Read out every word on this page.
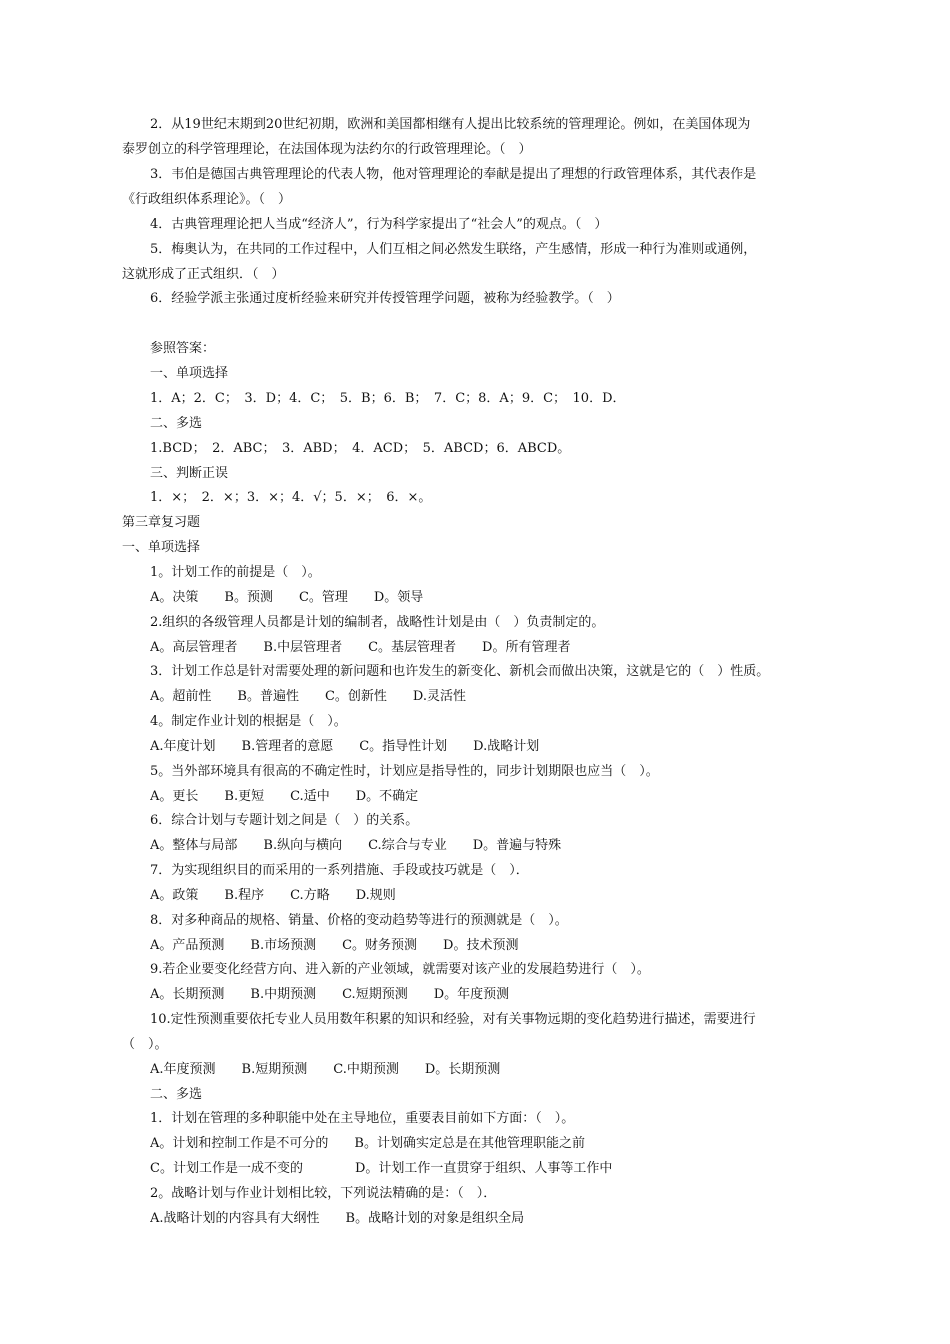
2．从19世纪末期到20世纪初期，欧洲和美国都相继有人提出比较系统的管理理论。例如，在美国体现为
泰罗创立的科学管理理论，在法国体现为法约尔的行政管理理论。（　）
3．韦伯是德国古典管理理论的代表人物，他对管理理论的奉献是提出了理想的行政管理体系，其代表作是
《行政组织体系理论》。（　）
4．古典管理理论把人当成“经济人”，行为科学家提出了“社会人”的观点。（　）
5．梅奥认为，在共同的工作过程中，人们互相之间必然发生联络，产生感情，形成一种行为准则或通例，
这就形成了正式组织．（　）
6．经验学派主张通过度析经验来研究并传授管理学问题，被称为经验教学。（　）
参照答案：
一、单项选择
1．A；2．C；　3．D；4．C；　5．B；6．B；　7．C；8．A；9．C；　10．D．
二、多选
1.BCD；　2．ABC；　3．ABD；　4．ACD；　5．ABCD；6．ABCD。
三、判断正误
1．×；　2．×；3．×；4．√；5．×；　6．×。
第三章复习题
一、单项选择
1。计划工作的前提是（　）。
A。决策　　B。预测　　C。管理　　D。领导
2.组织的各级管理人员都是计划的编制者，战略性计划是由（　）负责制定的。
A。高层管理者　　B.中层管理者　　C。基层管理者　　D。所有管理者
3．计划工作总是针对需要处理的新问题和也许发生的新变化、新机会而做出决策，这就是它的（　）性质。
A。超前性　　B。普遍性　　C。创新性　　D.灵活性
4。制定作业计划的根据是（　）。
A.年度计划　　B.管理者的意愿　　C。指导性计划　　D.战略计划
5。当外部环境具有很高的不确定性时，计划应是指导性的，同步计划期限也应当（　）。
A。更长　　B.更短　　C.适中　　D。不确定
6．综合计划与专题计划之间是（　）的关系。
A。整体与局部　　B.纵向与横向　　C.综合与专业　　D。普遍与特殊
7．为实现组织目的而采用的一系列措施、手段或技巧就是（　）．
A。政策　　B.程序　　C.方略　　D.规则
8．对多种商品的规格、销量、价格的变动趋势等进行的预测就是（　）。
A。产品预测　　B.市场预测　　C。财务预测　　D。技术预测
9.若企业要变化经营方向、进入新的产业领域，就需要对该产业的发展趋势进行（　）。
A。长期预测　　B.中期预测　　C.短期预测　　D。年度预测
10.定性预测重要依托专业人员用数年积累的知识和经验，对有关事物远期的变化趋势进行描述，需要进行
（　）。
A.年度预测　　B.短期预测　　C.中期预测　　D。长期预测
二、多选
1．计划在管理的多种职能中处在主导地位，重要表目前如下方面：（　）。
A。计划和控制工作是不可分的　　B。计划确实定总是在其他管理职能之前
C。计划工作是一成不变的　　　　D。计划工作一直贯穿于组织、人事等工作中
2。战略计划与作业计划相比较，下列说法精确的是：（　）．
A.战略计划的内容具有大纲性　　B。战略计划的对象是组织全局
